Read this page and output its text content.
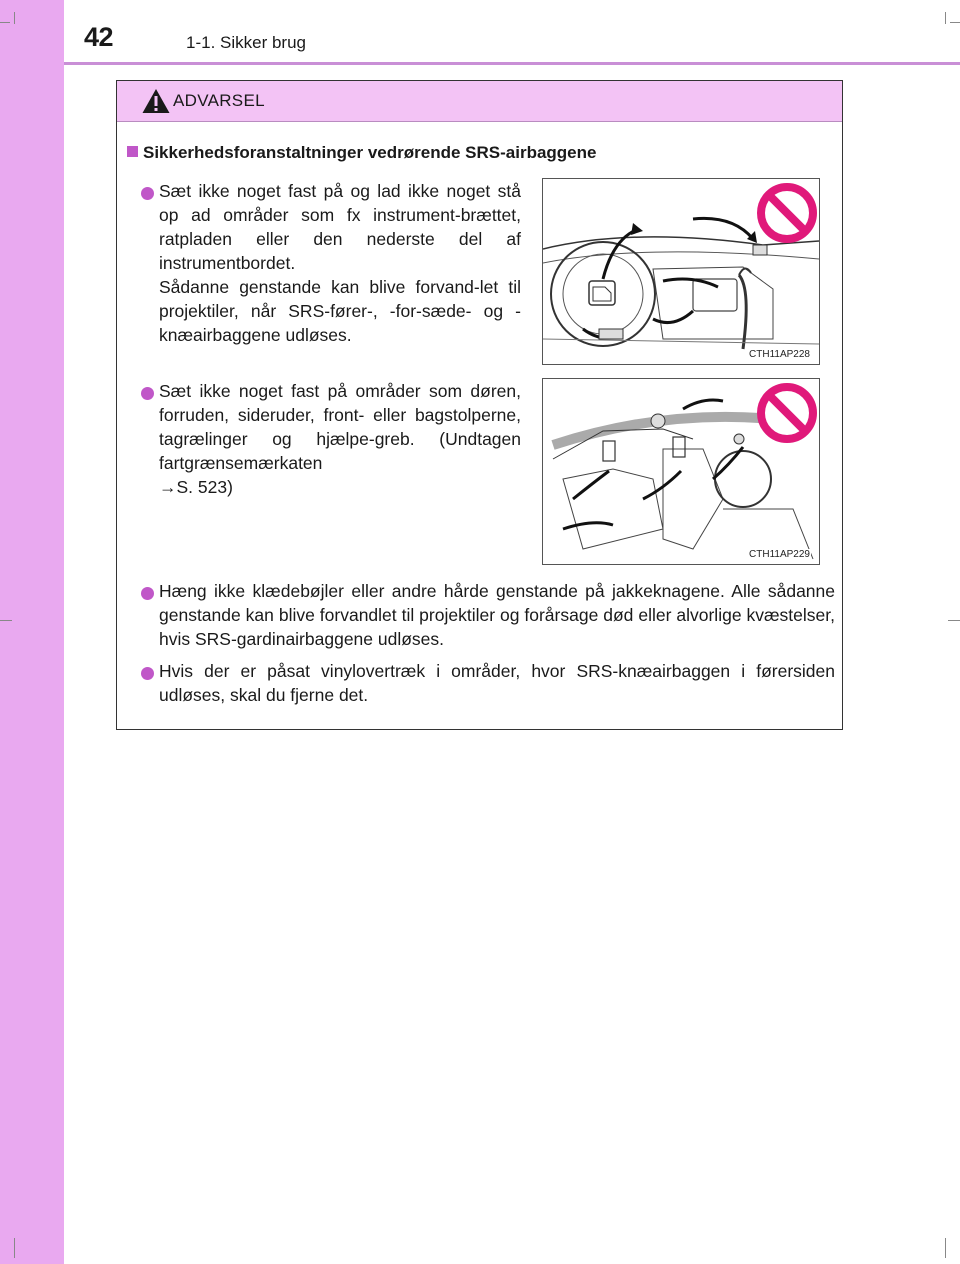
42	1-1. Sikker brug
ADVARSEL
Sikkerhedsforanstaltninger vedrørende SRS-airbaggene
Sæt ikke noget fast på og lad ikke noget stå op ad områder som fx instrument-brættet, ratpladen eller den nederste del af instrumentbordet.
Sådanne genstande kan blive forvand-let til projektiler, når SRS-fører-, -for-sæde- og -knæairbaggene udløses.
CTH11AP228
Sæt ikke noget fast på områder som døren, forruden, sideruder, front- eller bagstolperne, tagrælinger og hjælpe-greb. (Undtagen fartgrænsemærkaten
→S. 523)
CTH11AP229
Hæng ikke klædebøjler eller andre hårde genstande på jakkeknagene. Alle sådanne genstande kan blive forvandlet til projektiler og forårsage død eller alvorlige kvæstelser, hvis SRS-gardinairbaggene udløses.
Hvis der er påsat vinylovertræk i områder, hvor SRS-knæairbaggen i førersiden udløses, skal du fjerne det.
